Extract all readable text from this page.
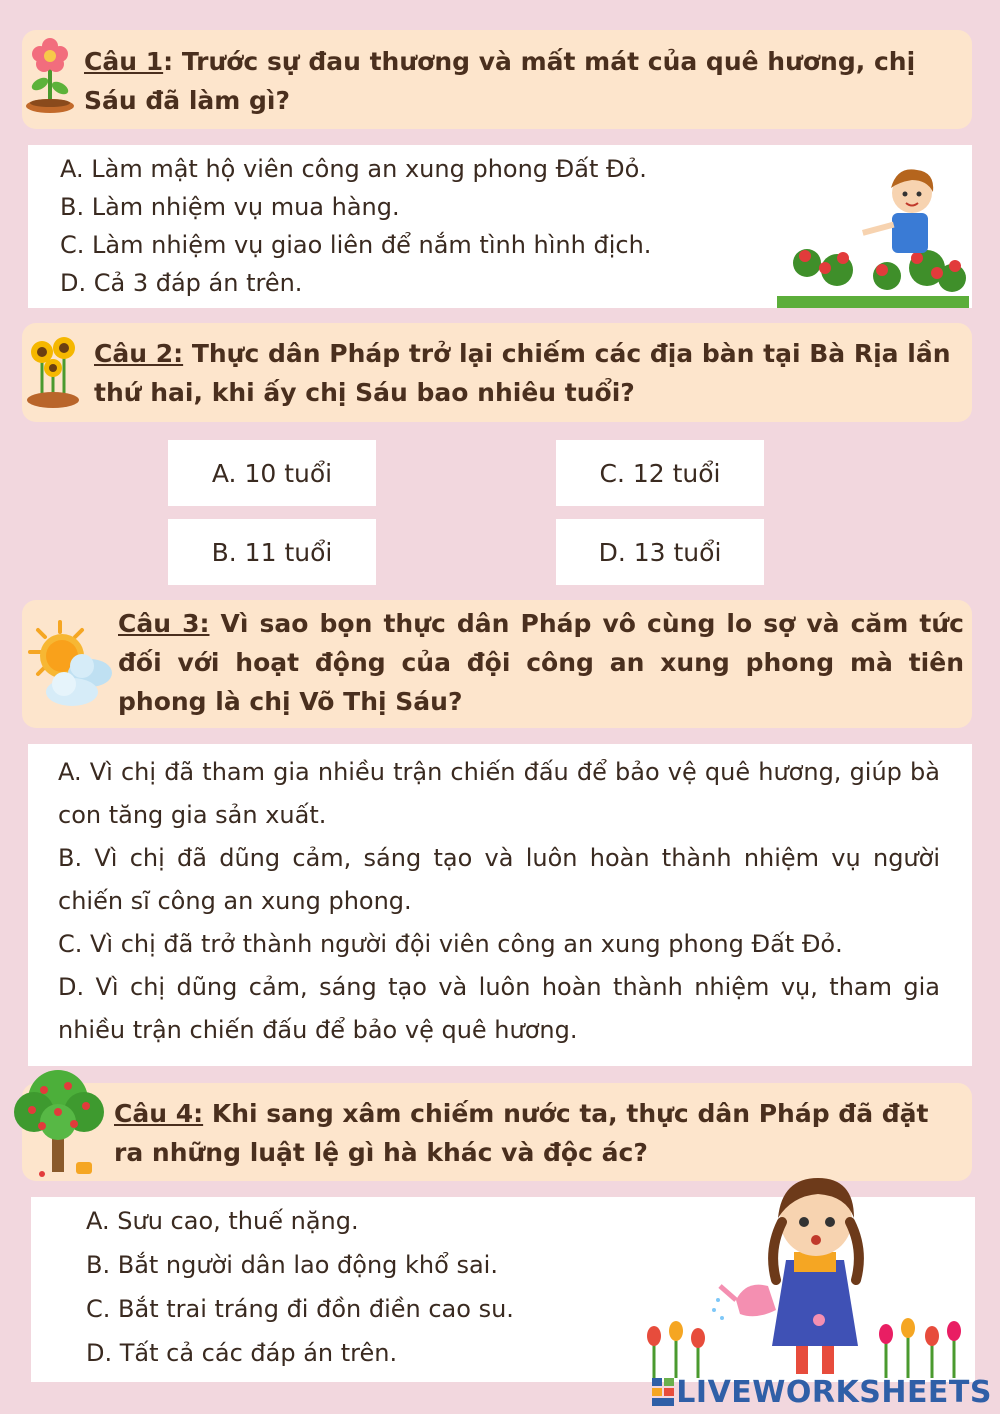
Câu 1: Trước sự đau thương và mất mát của quê hương, chị Sáu đã làm gì?
A. Làm mật hộ viên công an xung phong Đất Đỏ.
B. Làm nhiệm vụ mua hàng.
C. Làm nhiệm vụ giao liên để nắm tình hình địch.
D. Cả 3 đáp án trên.
Câu 2: Thực dân Pháp trở lại chiếm các địa bàn tại Bà Rịa lần thứ hai, khi ấy chị Sáu bao nhiêu tuổi?
A. 10 tuổi	C. 12 tuổi
B. 11 tuổi	D. 13 tuổi
Câu 3: Vì sao bọn thực dân Pháp vô cùng lo sợ và căm tức đối với hoạt động của đội công an xung phong mà tiên phong là chị Võ Thị Sáu?
A. Vì chị đã tham gia nhiều trận chiến đấu để bảo vệ quê hương, giúp bà con tăng gia sản xuất.
B. Vì chị đã dũng cảm, sáng tạo và luôn hoàn thành nhiệm vụ người chiến sĩ công an xung phong.
C. Vì chị đã trở thành người đội viên công an xung phong Đất Đỏ.
D. Vì chị dũng cảm, sáng tạo và luôn hoàn thành nhiệm vụ, tham gia nhiều trận chiến đấu để bảo vệ quê hương.
Câu 4: Khi sang xâm chiếm nước ta, thực dân Pháp đã đặt ra những luật lệ gì hà khác và độc ác?
A. Sưu cao, thuế nặng.
B. Bắt người dân lao động khổ sai.
C. Bắt trai tráng đi đồn điền cao su.
D. Tất cả các đáp án trên.
LIVEWORKSHEETS
